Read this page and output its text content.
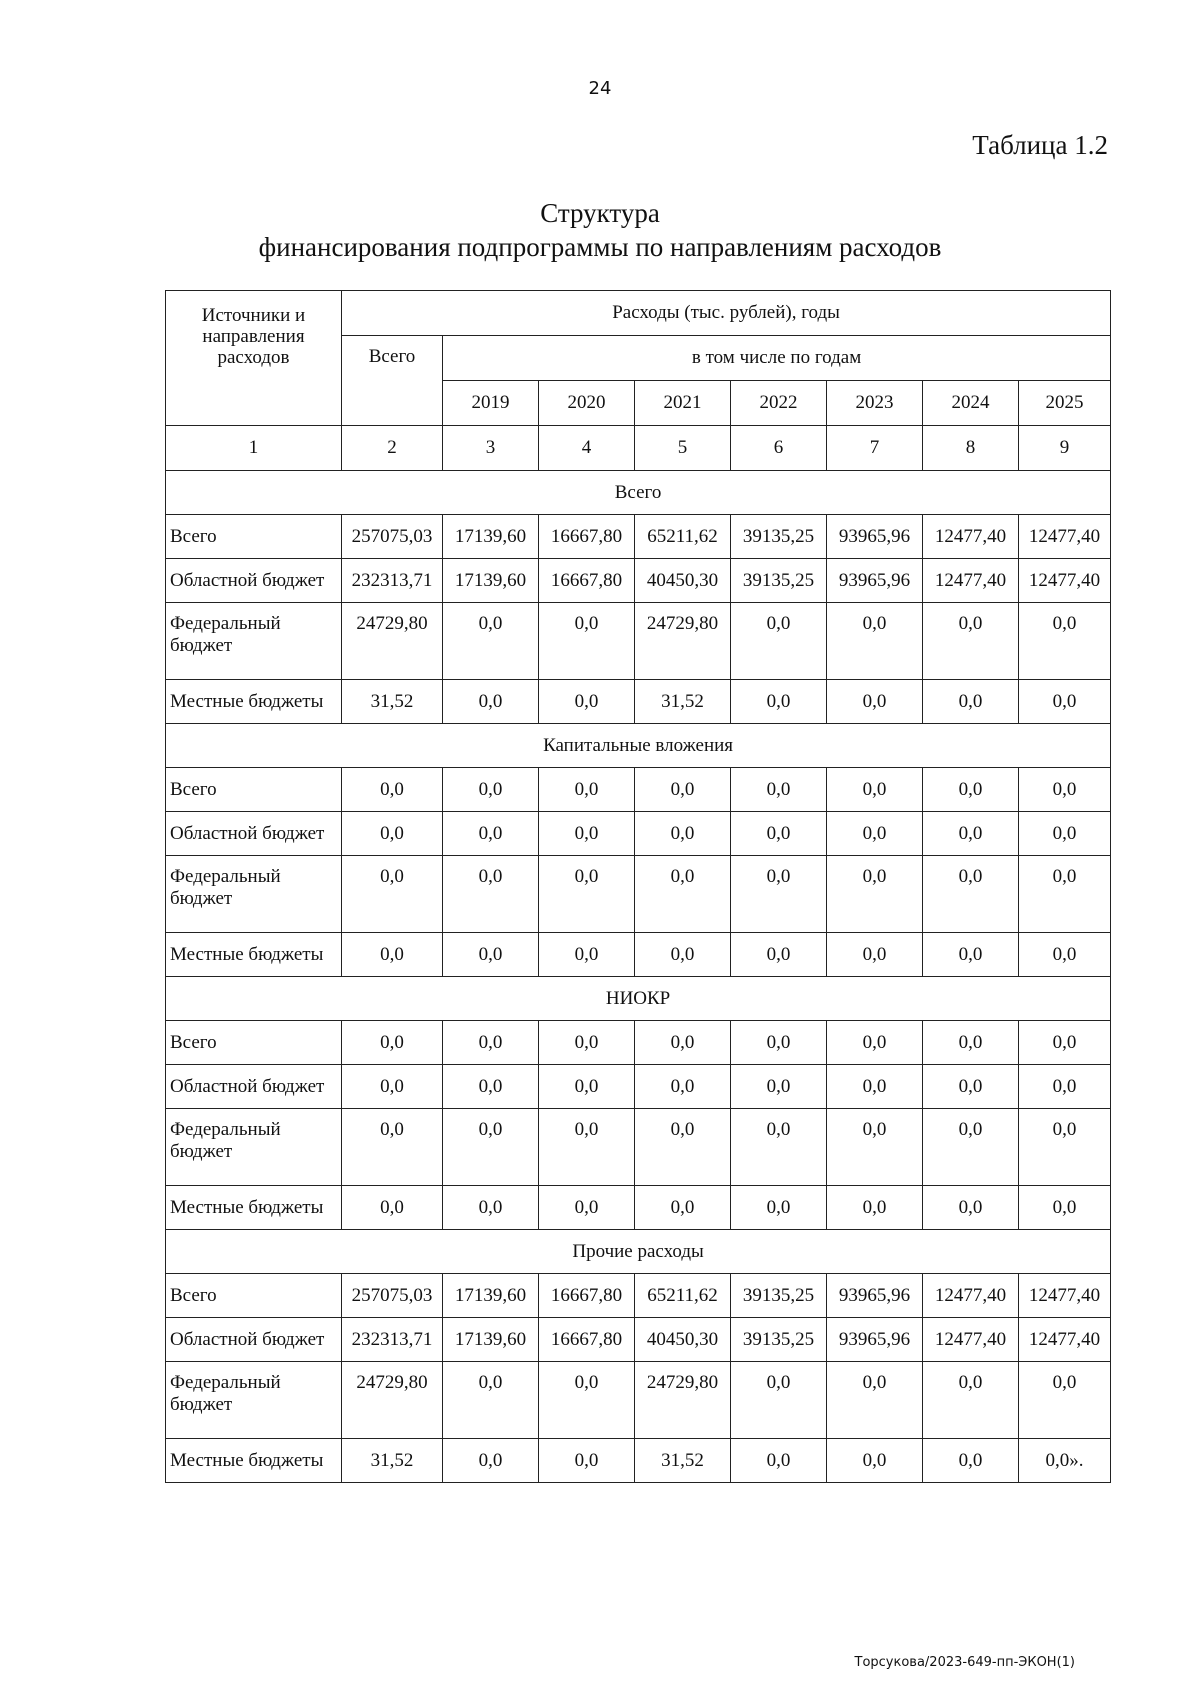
24
Таблица 1.2
Структура
финансирования подпрограммы по направлениям расходов
Источники и направления расходов	Расходы (тыс. рублей), годы							
	Всего	в том числе по годам						
		2019	2020	2021	2022	2023	2024	2025
1	2	3	4	5	6	7	8	9
Всего								
Всего	257075,03	17139,60	16667,80	65211,62	39135,25	93965,96	12477,40	12477,40
Областной бюджет	232313,71	17139,60	16667,80	40450,30	39135,25	93965,96	12477,40	12477,40
Федеральный бюджет	24729,80	0,0	0,0	24729,80	0,0	0,0	0,0	0,0
Местные бюджеты	31,52	0,0	0,0	31,52	0,0	0,0	0,0	0,0
Капитальные вложения								
Всего	0,0	0,0	0,0	0,0	0,0	0,0	0,0	0,0
Областной бюджет	0,0	0,0	0,0	0,0	0,0	0,0	0,0	0,0
Федеральный бюджет	0,0	0,0	0,0	0,0	0,0	0,0	0,0	0,0
Местные бюджеты	0,0	0,0	0,0	0,0	0,0	0,0	0,0	0,0
НИОКР								
Всего	0,0	0,0	0,0	0,0	0,0	0,0	0,0	0,0
Областной бюджет	0,0	0,0	0,0	0,0	0,0	0,0	0,0	0,0
Федеральный бюджет	0,0	0,0	0,0	0,0	0,0	0,0	0,0	0,0
Местные бюджеты	0,0	0,0	0,0	0,0	0,0	0,0	0,0	0,0
Прочие расходы								
Всего	257075,03	17139,60	16667,80	65211,62	39135,25	93965,96	12477,40	12477,40
Областной бюджет	232313,71	17139,60	16667,80	40450,30	39135,25	93965,96	12477,40	12477,40
Федеральный бюджет	24729,80	0,0	0,0	24729,80	0,0	0,0	0,0	0,0
Местные бюджеты	31,52	0,0	0,0	31,52	0,0	0,0	0,0	0,0».
Торсукова/2023-649-пп-ЭКОН(1)
